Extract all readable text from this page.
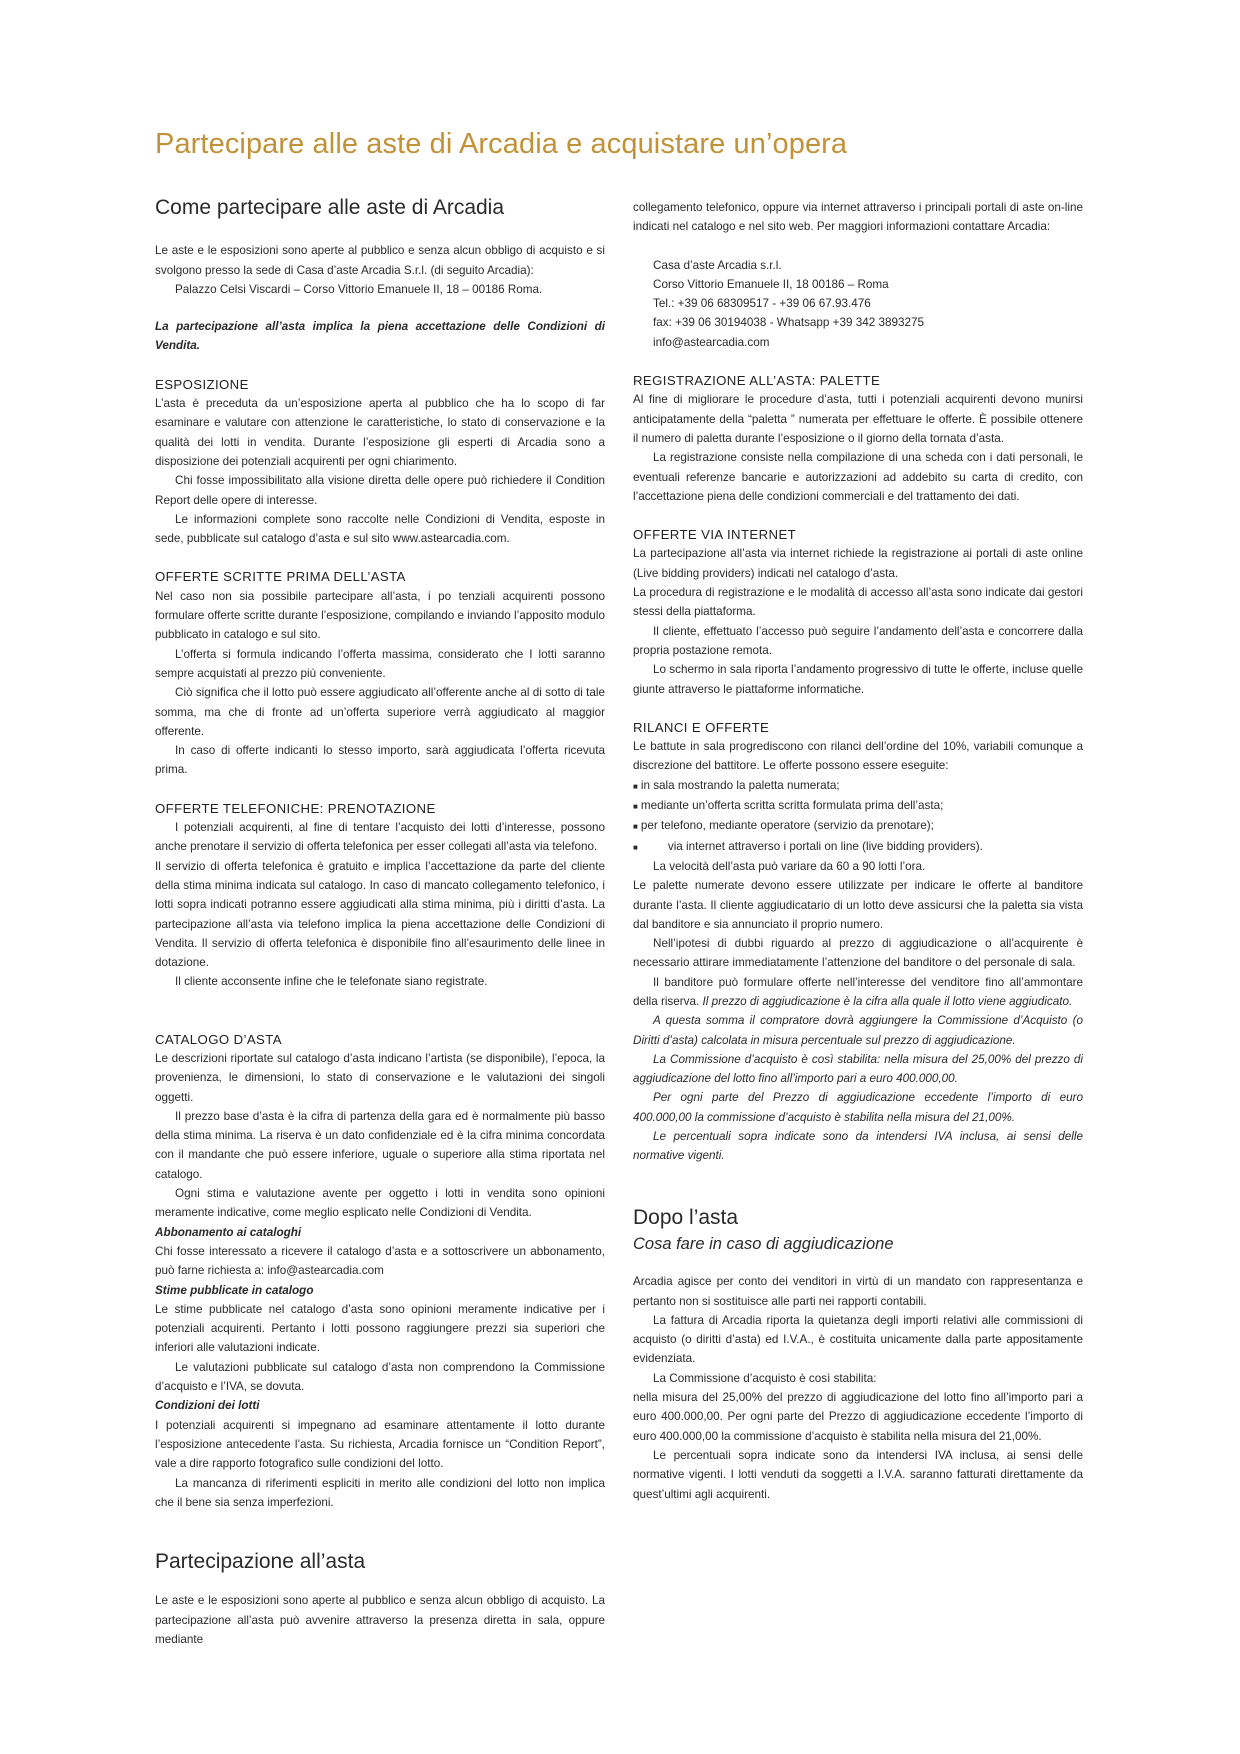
Partecipare alle aste di Arcadia e acquistare un’opera
Come partecipare alle aste di Arcadia

Le aste e le esposizioni sono aperte al pubblico e senza alcun obbligo di acquisto e si svolgono presso la sede di Casa d’aste Arcadia S.r.l. (di seguito Arcadia):

Palazzo Celsi Viscardi – Corso Vittorio Emanuele II, 18 – 00186 Roma.

La partecipazione all’asta implica la piena accettazione delle Condizioni di Vendita.

ESPOSIZIONE

L’asta è preceduta da un’esposizione aperta al pubblico che ha lo scopo di far esaminare e valutare con attenzione le caratteristiche, lo stato di conservazione e la qualità dei lotti in vendita. Durante l’esposizione gli esperti di Arcadia sono a disposizione dei potenziali acquirenti per ogni chiarimento.

Chi fosse impossibilitato alla visione diretta delle opere può richiedere il Condition Report delle opere di interesse.

Le informazioni complete sono raccolte nelle Condizioni di Vendita, esposte in sede, pubblicate sul catalogo d’asta e sul sito www.astearcadia.com.

OFFERTE SCRITTE PRIMA DELL’ASTA

Nel caso non sia possibile partecipare all’asta, i po tenziali acquirenti possono formulare offerte scritte durante l’esposizione, compilando e inviando l’apposito modulo pubblicato in catalogo e sul sito.

L’offerta si formula indicando l’offerta massima, considerato che I lotti saranno sempre acquistati al prezzo più conveniente.

Ciò significa che il lotto può essere aggiudicato all’offerente anche al di sotto di tale somma, ma che di fronte ad un’offerta superiore verrà aggiudicato al maggior offerente.

In caso di offerte indicanti lo stesso importo, sarà aggiudicata l’offerta ricevuta prima.

OFFERTE TELEFONICHE: PRENOTAZIONE

I potenziali acquirenti, al fine di tentare l’acquisto dei lotti d’interesse, possono anche prenotare il servizio di offerta telefonica per esser collegati all’asta via telefono.

Il servizio di offerta telefonica è gratuito e implica l’accettazione da parte del cliente della stima minima indicata sul catalogo. In caso di mancato collegamento telefonico, i lotti sopra indicati potranno essere aggiudicati alla stima minima, più i diritti d’asta. La partecipazione all’asta via telefono implica la piena accettazione delle Condizioni di Vendita. Il servizio di offerta telefonica è disponibile fino all’esaurimento delle linee in dotazione.

Il cliente acconsente infine che le telefonate siano registrate.

CATALOGO D’ASTA

Le descrizioni riportate sul catalogo d’asta indicano l’artista (se disponibile), l’epoca, la provenienza, le dimensioni, lo stato di conservazione e le valutazioni dei singoli oggetti.

Il prezzo base d’asta è la cifra di partenza della gara ed è normalmente più basso della stima minima. La riserva è un dato confidenziale ed è la cifra minima concordata con il mandante che può essere inferiore, uguale o superiore alla stima riportata nel catalogo.

Ogni stima e valutazione avente per oggetto i lotti in vendita sono opinioni meramente indicative, come meglio esplicato nelle Condizioni di Vendita.

Abbonamento ai cataloghi

Chi fosse interessato a ricevere il catalogo d’asta e a sottoscrivere un abbonamento, può farne richiesta a: info@astearcadia.com

Stime pubblicate in catalogo

Le stime pubblicate nel catalogo d’asta sono opinioni meramente indicative per i potenziali acquirenti. Pertanto i lotti possono raggiungere prezzi sia superiori che inferiori alle valutazioni indicate.

Le valutazioni pubblicate sul catalogo d’asta non comprendono la Commissione d’acquisto e l’IVA, se dovuta.

Condizioni dei lotti

I potenziali acquirenti si impegnano ad esaminare attentamente il lotto durante l’esposizione antecedente l’asta. Su richiesta, Arcadia fornisce un “Condition Report”, vale a dire rapporto fotografico sulle condizioni del lotto.

La mancanza di riferimenti espliciti in merito alle condizioni del lotto non implica che il bene sia senza imperfezioni.

Partecipazione all’asta

Le aste e le esposizioni sono aperte al pubblico e senza alcun obbligo di acquisto. La partecipazione all’asta può avvenire attraverso la presenza diretta in sala, oppure mediante

collegamento telefonico, oppure via internet attraverso i principali portali di aste on-line indicati nel catalogo e nel sito web. Per maggiori informazioni contattare Arcadia:

Casa d’aste Arcadia s.r.l.

Corso Vittorio Emanuele II, 18 00186 – Roma

Tel.: +39 06 68309517 - +39 06 67.93.476

fax: +39 06 30194038 - Whatsapp +39 342 3893275

info@astearcadia.com

REGISTRAZIONE ALL’ASTA: PALETTE

Al fine di migliorare le procedure d’asta, tutti i potenziali acquirenti devono munirsi anticipatamente della “paletta ” numerata per effettuare le offerte. È possibile ottenere il numero di paletta durante l’esposizione o il giorno della tornata d’asta.

La registrazione consiste nella compilazione di una scheda con i dati personali, le eventuali referenze bancarie e autorizzazioni ad addebito su carta di credito, con l’accettazione piena delle condizioni commerciali e del trattamento dei dati.

OFFERTE VIA INTERNET

La partecipazione all’asta via internet richiede la registrazione ai portali di aste online (Live bidding providers) indicati nel catalogo d’asta.

La procedura di registrazione e le modalità di accesso all’asta sono indicate dai gestori stessi della piattaforma.

Il cliente, effettuato l’accesso può seguire l’andamento dell’asta e concorrere dalla propria postazione remota.

Lo schermo in sala riporta l’andamento progressivo di tutte le offerte, incluse quelle giunte attraverso le piattaforme informatiche.

RILANCI E OFFERTE

Le battute in sala progrediscono con rilanci dell’ordine del 10%, variabili comunque a discrezione del battitore. Le offerte possono essere eseguite:

■ in sala mostrando la paletta numerata;

■ mediante un’offerta scritta scritta formulata prima dell’asta;

■ per telefono, mediante operatore (servizio da prenotare);

■ via internet attraverso i portali on line (live bidding providers).

La velocità dell’asta può variare da 60 a 90 lotti l’ora.

Le palette numerate devono essere utilizzate per indicare le offerte al banditore durante l’asta. Il cliente aggiudicatario di un lotto deve assicursi che la paletta sia vista dal banditore e sia annunciato il proprio numero.

Nell’ipotesi di dubbi riguardo al prezzo di aggiudicazione o all’acquirente è necessario attirare immediatamente l’attenzione del banditore o del personale di sala.

Il banditore può formulare offerte nell’interesse del venditore fino all’ammontare della riserva. Il prezzo di aggiudicazione è la cifra alla quale il lotto viene aggiudicato.

A questa somma il compratore dovrà aggiungere la Commissione d’Acquisto (o Diritti d’asta) calcolata in misura percentuale sul prezzo di aggiudicazione.

La Commissione d’acquisto è così stabilita: nella misura del 25,00% del prezzo di aggiudicazione del lotto fino all’importo pari a euro 400.000,00.

Per ogni parte del Prezzo di aggiudicazione eccedente l’importo di euro 400.000,00 la commissione d’acquisto è stabilita nella misura del 21,00%.

Le percentuali sopra indicate sono da intendersi IVA inclusa, ai sensi delle normative vigenti.

Dopo l’asta
Cosa fare in caso di aggiudicazione

Arcadia agisce per conto dei venditori in virtù di un mandato con rappresentanza e pertanto non si sostituisce alle parti nei rapporti contabili.

La fattura di Arcadia riporta la quietanza degli importi relativi alle commissioni di acquisto (o diritti d’asta) ed I.V.A., è costituita unicamente dalla parte appositamente evidenziata.

La Commissione d’acquisto è così stabilita:

nella misura del 25,00% del prezzo di aggiudicazione del lotto fino all’importo pari a euro 400.000,00. Per ogni parte del Prezzo di aggiudicazione eccedente l’importo di euro 400.000,00 la commissione d’acquisto è stabilita nella misura del 21,00%.

Le percentuali sopra indicate sono da intendersi IVA inclusa, ai sensi delle normative vigenti. I lotti venduti da soggetti a I.V.A. saranno fatturati direttamente da quest’ultimi agli acquirenti.
